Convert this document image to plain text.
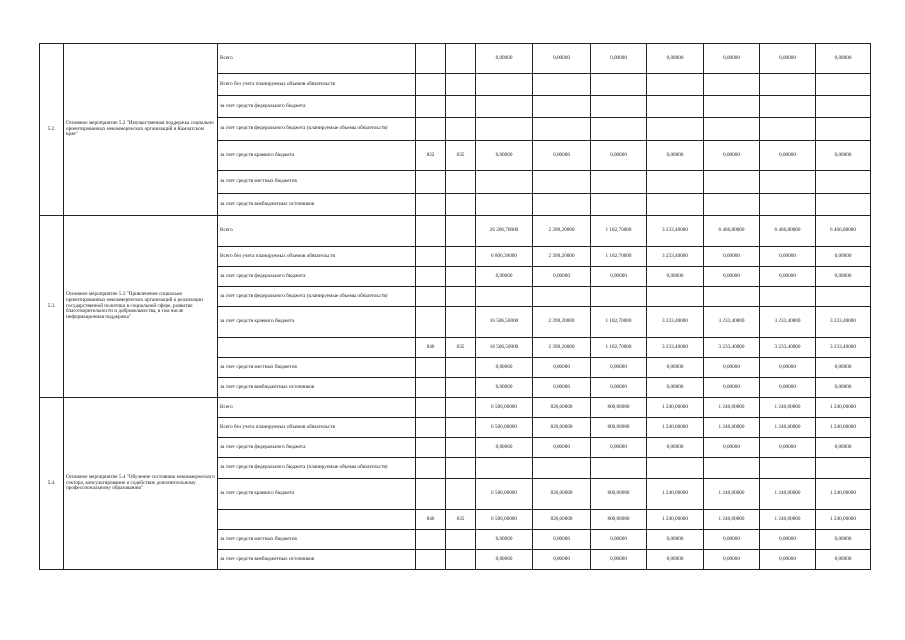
5.2.	Основное мероприятие 5.2 "Имущественная поддержка социально ориентированных некоммерческих организаций в Камчатском крае"	Всего			0,00000	0,00000	0,00000	0,00000	0,00000	0,00000	0,00000
		Всего без учета планируемых объемов обязательств									
		за счет средств федерального бюджета									
		за счет средств федерального бюджета (планируемые объемы обязательств)									
		за счет средств краевого бюджета	822	035	0,00000	0,00000	0,00000	0,00000	0,00000	0,00000	0,00000
		за счет средств местных бюджетов									
		за счет средств внебюджетных источников									
5.3.	Основное мероприятие 5.3 "Привлечение социально ориентированных некоммерческих организаций к реализации государственной политики в социальной сфере, развитие благотворительности и добровольчества, в том числе информационная поддержка"	Всего			26 206,70000	2 390,20000	1 182,70000	3 233,40000	6 466,80000	6 466,80000	6 466,80000
		Всего без учета планируемых объемов обязательств			6 806,30000	2 390,20000	1 182,70000	3 233,40000	0,00000	0,00000	0,00000
		за счет средств федерального бюджета			0,00000	0,00000	0,00000	0,00000	0,00000	0,00000	0,00000
		за счет средств федерального бюджета (планируемые объемы обязательств)									
		за счет средств краевого бюджета			16 506,50000	2 390,20000	1 182,70000	3 233,40000	3 233,40000	3 233,40000	3 233,40000
			846	035	16 506,50000	2 390,20000	1 182,70000	3 233,40000	3 233,40000	3 233,40000	3 233,40000
		за счет средств местных бюджетов			0,00000	0,00000	0,00000	0,00000	0,00000	0,00000	0,00000
		за счет средств внебюджетных источников			0,00000	0,00000	0,00000	0,00000	0,00000	0,00000	0,00000
5.4.	Основное мероприятие 5.4 "Обучение состоянию некоммерческого сектора, консультирование и содействие дополнительному профессиональному образованию"	Всего			6 580,00000	820,00000	800,00000	1 240,00000	1 240,00000	1 240,00000	1 240,00000
		Всего без учета планируемых объемов обязательств			6 580,00000	820,00000	800,00000	1 240,00000	1 240,00000	1 240,00000	1 240,00000
		за счет средств федерального бюджета			0,00000	0,00000	0,00000	0,00000	0,00000	0,00000	0,00000
		за счет средств федерального бюджета (планируемые объемы обязательств)									
		за счет средств краевого бюджета			6 580,00000	820,00000	800,00000	1 240,00000	1 240,00000	1 240,00000	1 240,00000
			846	035	6 580,00000	820,00000	800,00000	1 240,00000	1 240,00000	1 240,00000	1 240,00000
		за счет средств местных бюджетов			0,00000	0,00000	0,00000	0,00000	0,00000	0,00000	0,00000
		за счет средств внебюджетных источников			0,00000	0,00000	0,00000	0,00000	0,00000	0,00000	0,00000
